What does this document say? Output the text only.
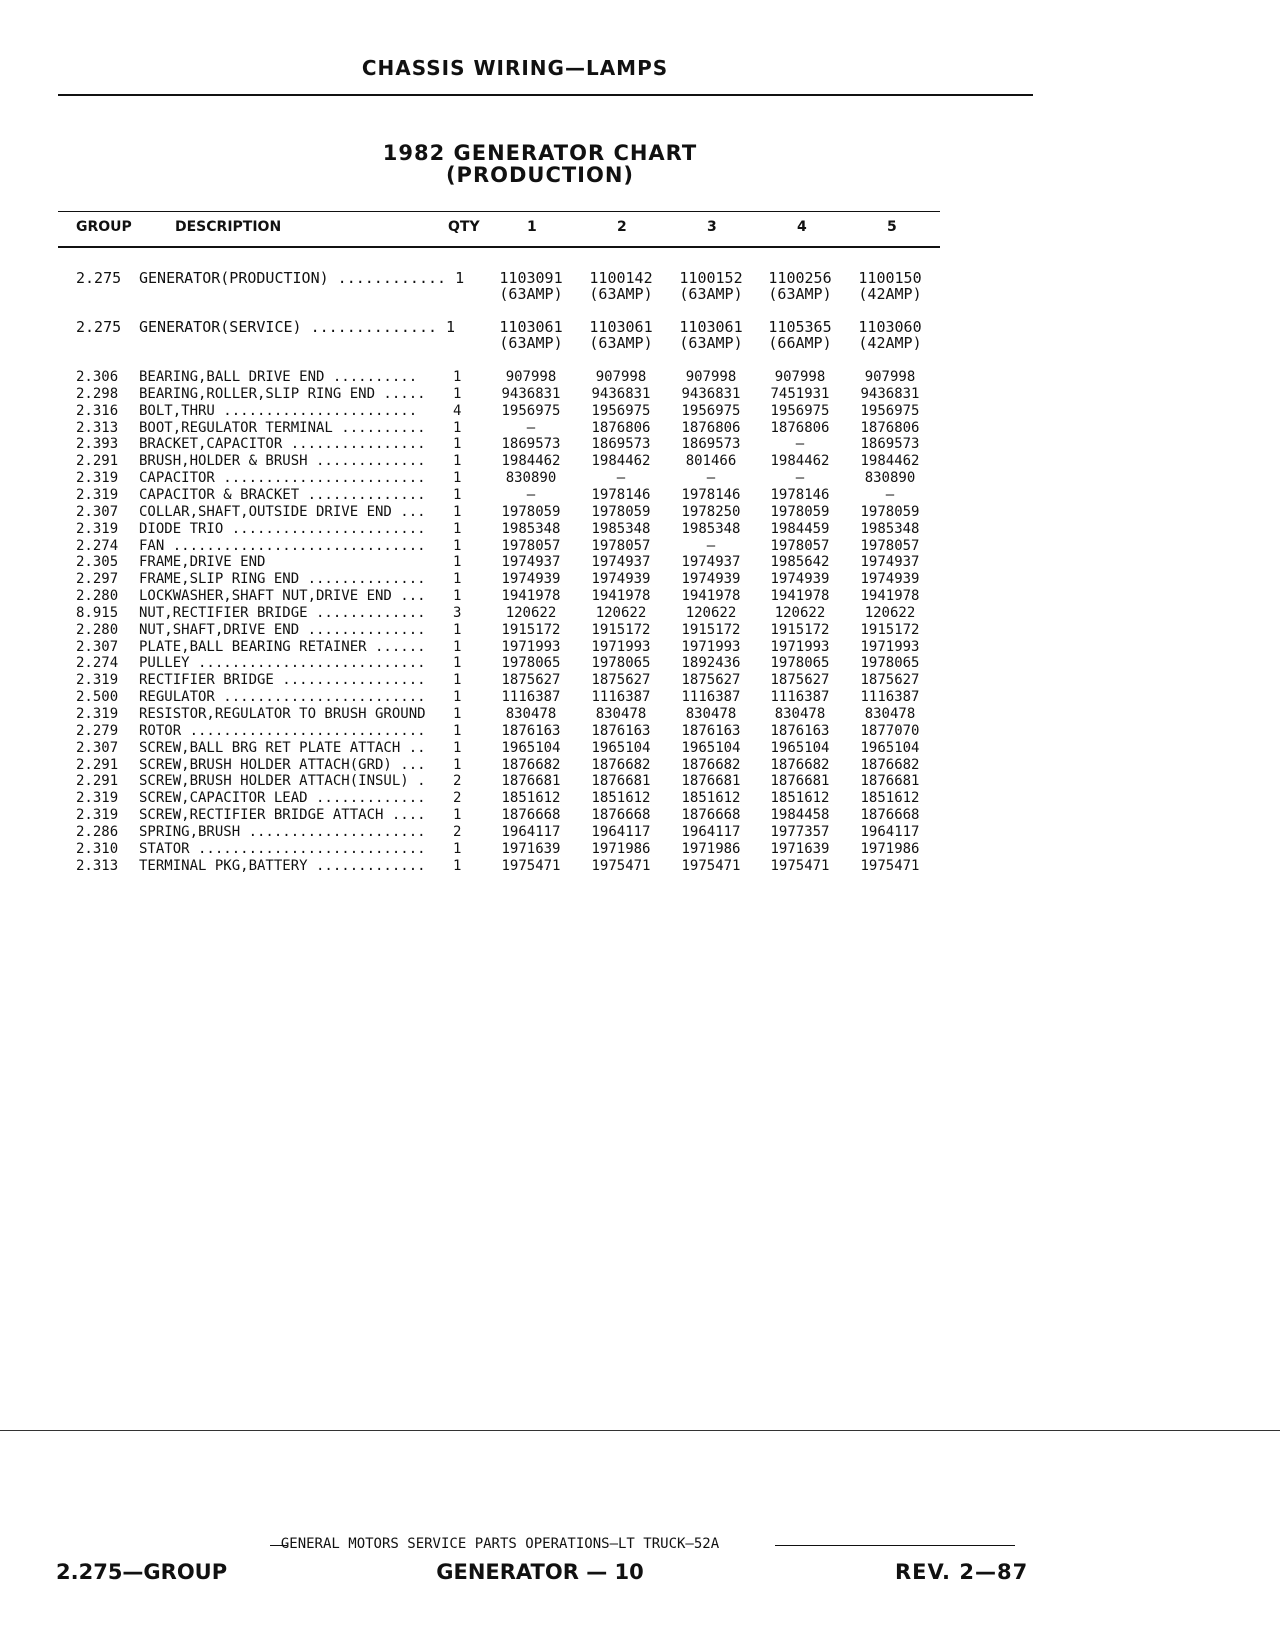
CHASSIS WIRING—LAMPS
1982 GENERATOR CHART
(PRODUCTION)
GROUP	DESCRIPTION	QTY	1	2	3	4	5
2.275 GENERATOR(PRODUCTION) ............ 1	1103091	1100142	1100152	1100256	1100150
(63AMP)	(63AMP)	(63AMP)	(63AMP)	(42AMP)
2.275 GENERATOR(SERVICE) .............. 1	1103061	1103061	1103061	1105365	1103060
(63AMP)	(63AMP)	(63AMP)	(66AMP)	(42AMP)
2.306 BEARING,BALL DRIVE END ..........	1	907998	907998	907998	907998	907998
2.298 BEARING,ROLLER,SLIP RING END ..... 1	9436831	9436831	9436831	7451931	9436831
2.316 BOLT,THRU .......................	4	1956975	1956975	1956975	1956975	1956975
2.313 BOOT,REGULATOR TERMINAL .......... 1	—	1876806	1876806	1876806	1876806
2.393 BRACKET,CAPACITOR ................ 1	1869573	1869573	1869573	—	1869573
2.291 BRUSH,HOLDER & BRUSH ............. 1	1984462	1984462	801466	1984462	1984462
2.319 CAPACITOR ........................ 1	830890	—	—	—	830890
2.319 CAPACITOR & BRACKET .............. 1	—	1978146	1978146	1978146	—
2.307 COLLAR,SHAFT,OUTSIDE DRIVE END ... 1	1978059	1978059	1978250	1978059	1978059
2.319 DIODE TRIO ....................... 1	1985348	1985348	1985348	1984459	1985348
2.274 FAN .............................. 1	1978057	1978057	—	1978057	1978057
2.305 FRAME,DRIVE END	1	1974937	1974937	1974937	1985642	1974937
2.297 FRAME,SLIP RING END .............. 1	1974939	1974939	1974939	1974939	1974939
2.280 LOCKWASHER,SHAFT NUT,DRIVE END ... 1	1941978	1941978	1941978	1941978	1941978
8.915 NUT,RECTIFIER BRIDGE ............. 3	120622	120622	120622	120622	120622
2.280 NUT,SHAFT,DRIVE END .............. 1	1915172	1915172	1915172	1915172	1915172
2.307 PLATE,BALL BEARING RETAINER ...... 1	1971993	1971993	1971993	1971993	1971993
2.274 PULLEY ........................... 1	1978065	1978065	1892436	1978065	1978065
2.319 RECTIFIER BRIDGE ................. 1	1875627	1875627	1875627	1875627	1875627
2.500 REGULATOR ........................ 1	1116387	1116387	1116387	1116387	1116387
2.319 RESISTOR,REGULATOR TO BRUSH GROUND 1	830478	830478	830478	830478	830478
2.279 ROTOR ............................ 1	1876163	1876163	1876163	1876163	1877070
2.307 SCREW,BALL BRG RET PLATE ATTACH .. 1	1965104	1965104	1965104	1965104	1965104
2.291 SCREW,BRUSH HOLDER ATTACH(GRD) ... 1	1876682	1876682	1876682	1876682	1876682
2.291 SCREW,BRUSH HOLDER ATTACH(INSUL) . 2	1876681	1876681	1876681	1876681	1876681
2.319 SCREW,CAPACITOR LEAD ............. 2	1851612	1851612	1851612	1851612	1851612
2.319 SCREW,RECTIFIER BRIDGE ATTACH .... 1	1876668	1876668	1876668	1984458	1876668
2.286 SPRING,BRUSH ..................... 2	1964117	1964117	1964117	1977357	1964117
2.310 STATOR ........................... 1	1971639	1971986	1971986	1971639	1971986
2.313 TERMINAL PKG,BATTERY ............. 1	1975471	1975471	1975471	1975471	1975471
GENERAL MOTORS SERVICE PARTS OPERATIONS—LT TRUCK—52A
2.275—GROUP	GENERATOR — 10	REV. 2—87
